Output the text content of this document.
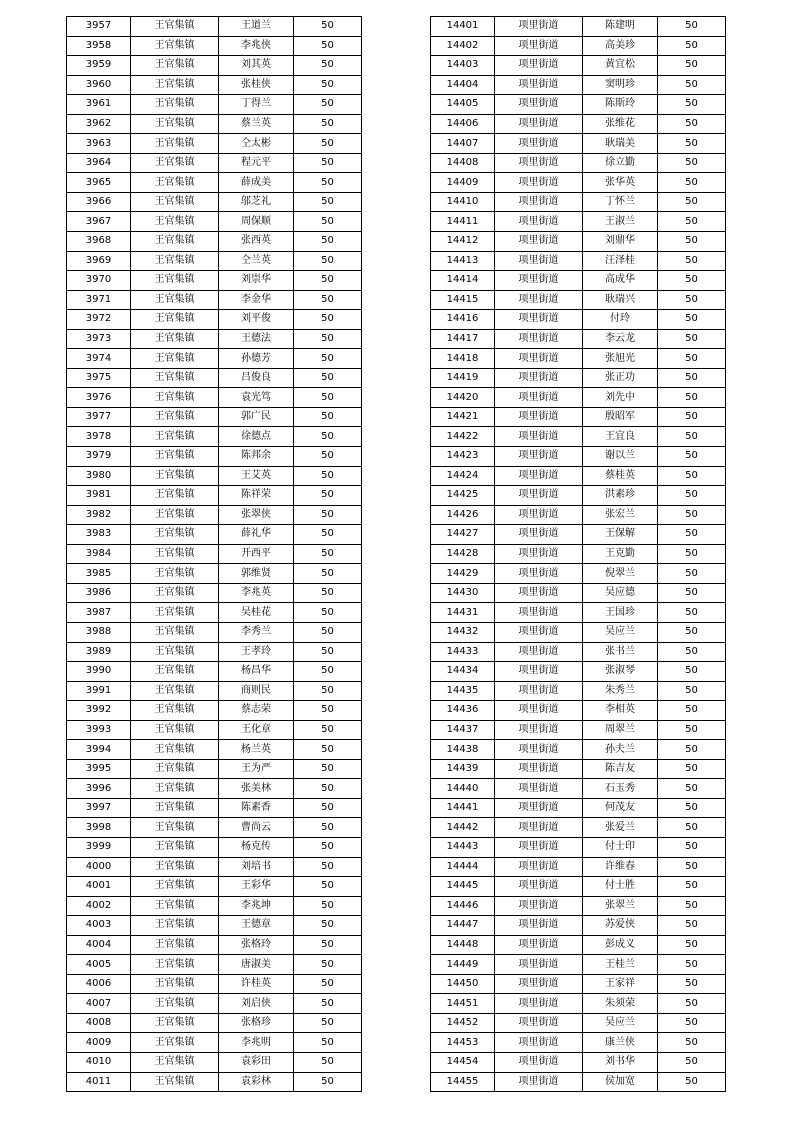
3957	王官集镇	王道兰	50
3958	王官集镇	李兆侠	50
3959	王官集镇	刘其英	50
3960	王官集镇	张桂侠	50
3961	王官集镇	丁得兰	50
3962	王官集镇	蔡兰英	50
3963	王官集镇	仝太彬	50
3964	王官集镇	程元平	50
3965	王官集镇	薛成美	50
3966	王官集镇	邬芝礼	50
3967	王官集镇	周保顺	50
3968	王官集镇	张西英	50
3969	王官集镇	仝兰英	50
3970	王官集镇	刘崇华	50
3971	王官集镇	李金华	50
3972	王官集镇	刘平俊	50
3973	王官集镇	王德法	50
3974	王官集镇	孙德芳	50
3975	王官集镇	吕俊良	50
3976	王官集镇	袁光笃	50
3977	王官集镇	郭广民	50
3978	王官集镇	徐德点	50
3979	王官集镇	陈邦余	50
3980	王官集镇	王艾英	50
3981	王官集镇	陈祥荣	50
3982	王官集镇	张翠侠	50
3983	王官集镇	薛礼华	50
3984	王官集镇	开西平	50
3985	王官集镇	郭维贤	50
3986	王官集镇	李兆英	50
3987	王官集镇	吴桂花	50
3988	王官集镇	李秀兰	50
3989	王官集镇	王孝玲	50
3990	王官集镇	杨昌华	50
3991	王官集镇	商则民	50
3992	王官集镇	蔡志荣	50
3993	王官集镇	王化章	50
3994	王官集镇	杨兰英	50
3995	王官集镇	王为严	50
3996	王官集镇	张美林	50
3997	王官集镇	陈素香	50
3998	王官集镇	曹尚云	50
3999	王官集镇	杨克传	50
4000	王官集镇	刘培书	50
4001	王官集镇	王彩华	50
4002	王官集镇	李兆坤	50
4003	王官集镇	王德章	50
4004	王官集镇	张格玲	50
4005	王官集镇	唐淑美	50
4006	王官集镇	许桂英	50
4007	王官集镇	刘启侠	50
4008	王官集镇	张格珍	50
4009	王官集镇	李兆明	50
4010	王官集镇	袁彩田	50
4011	王官集镇	袁彩林	50
14401	项里街道	陈建明	50
14402	项里街道	高美珍	50
14403	项里街道	黄宜松	50
14404	项里街道	窦明珍	50
14405	项里街道	陈斯玲	50
14406	项里街道	张维花	50
14407	项里街道	耿瑞美	50
14408	项里街道	徐立勤	50
14409	项里街道	张华英	50
14410	项里街道	丁怀兰	50
14411	项里街道	王淑兰	50
14412	项里街道	刘鼎华	50
14413	项里街道	汪泽桂	50
14414	项里街道	高成华	50
14415	项里街道	耿瑞兴	50
14416	项里街道	付玲	50
14417	项里街道	李云龙	50
14418	项里街道	张旭光	50
14419	项里街道	张正功	50
14420	项里街道	刘先中	50
14421	项里街道	殷昭军	50
14422	项里街道	王宜良	50
14423	项里街道	谢以兰	50
14424	项里街道	蔡桂英	50
14425	项里街道	洪素珍	50
14426	项里街道	张宏兰	50
14427	项里街道	王保解	50
14428	项里街道	王克勤	50
14429	项里街道	倪翠兰	50
14430	项里街道	吴应德	50
14431	项里街道	王国珍	50
14432	项里街道	吴应兰	50
14433	项里街道	张书兰	50
14434	项里街道	张淑琴	50
14435	项里街道	朱秀兰	50
14436	项里街道	李相英	50
14437	项里街道	周翠兰	50
14438	项里街道	孙夫兰	50
14439	项里街道	陈吉友	50
14440	项里街道	石玉秀	50
14441	项里街道	何茂友	50
14442	项里街道	张爱兰	50
14443	项里街道	付士印	50
14444	项里街道	许维春	50
14445	项里街道	付士胜	50
14446	项里街道	张翠兰	50
14447	项里街道	苏爱侠	50
14448	项里街道	彭成义	50
14449	项里街道	王桂兰	50
14450	项里街道	王家祥	50
14451	项里街道	朱须荣	50
14452	项里街道	吴应兰	50
14453	项里街道	康兰侠	50
14454	项里街道	刘书华	50
14455	项里街道	侯加宽	50
